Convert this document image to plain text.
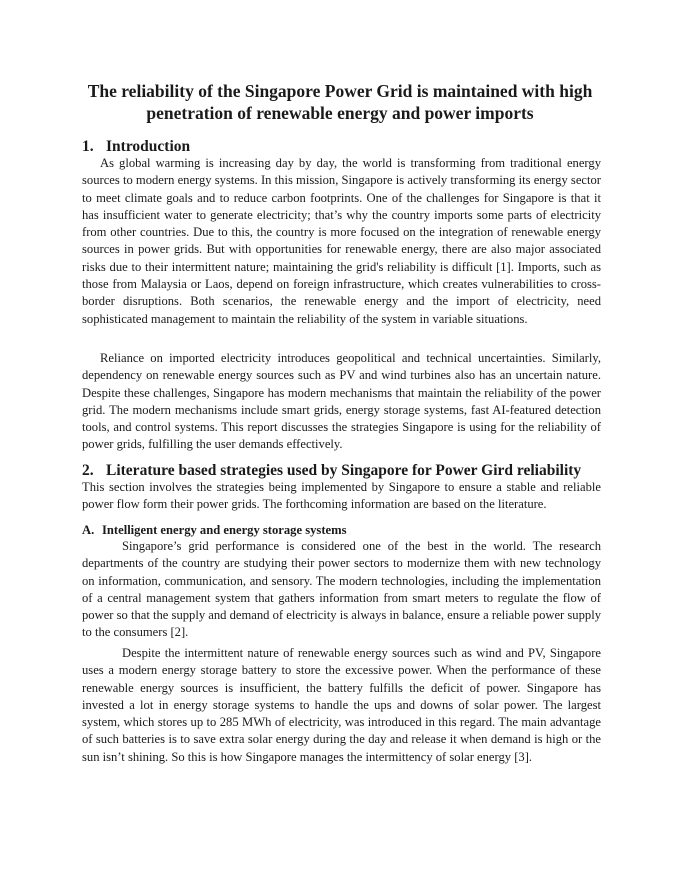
The reliability of the Singapore Power Grid is maintained with high penetration of renewable energy and power imports
1. Introduction

As global warming is increasing day by day, the world is transforming from traditional energy sources to modern energy systems. In this mission, Singapore is actively transforming its energy sector to meet climate goals and to reduce carbon footprints. One of the challenges for Singapore is that it has insufficient water to generate electricity; that’s why the country imports some parts of electricity from other countries. Due to this, the country is more focused on the integration of renewable energy sources in power grids. But with opportunities for renewable energy, there are also major associated risks due to their intermittent nature; maintaining the grid's reliability is difficult [1]. Imports, such as those from Malaysia or Laos, depend on foreign infrastructure, which creates vulnerabilities to cross-border disruptions. Both scenarios, the renewable energy and the import of electricity, need sophisticated management to maintain the reliability of the system in variable situations.

Reliance on imported electricity introduces geopolitical and technical uncertainties. Similarly, dependency on renewable energy sources such as PV and wind turbines also has an uncertain nature. Despite these challenges, Singapore has modern mechanisms that maintain the reliability of the power grid. The modern mechanisms include smart grids, energy storage systems, fast AI-featured detection tools, and control systems. This report discusses the strategies Singapore is using for the reliability of power grids, fulfilling the user demands effectively.

2. Literature based strategies used by Singapore for Power Gird reliability

This section involves the strategies being implemented by Singapore to ensure a stable and reliable power flow form their power grids. The forthcoming information are based on the literature.

A. Intelligent energy and energy storage systems

Singapore’s grid performance is considered one of the best in the world. The research departments of the country are studying their power sectors to modernize them with new technology on information, communication, and sensory. The modern technologies, including the implementation of a central management system that gathers information from smart meters to regulate the flow of power so that the supply and demand of electricity is always in balance, ensure a reliable power supply to the consumers [2].

Despite the intermittent nature of renewable energy sources such as wind and PV, Singapore uses a modern energy storage battery to store the excessive power. When the performance of these renewable energy sources is insufficient, the battery fulfills the deficit of power. Singapore has invested a lot in energy storage systems to handle the ups and downs of solar power. The largest system, which stores up to 285 MWh of electricity, was introduced in this regard. The main advantage of such batteries is to save extra solar energy during the day and release it when demand is high or the sun isn’t shining. So this is how Singapore manages the intermittency of solar energy [3].
